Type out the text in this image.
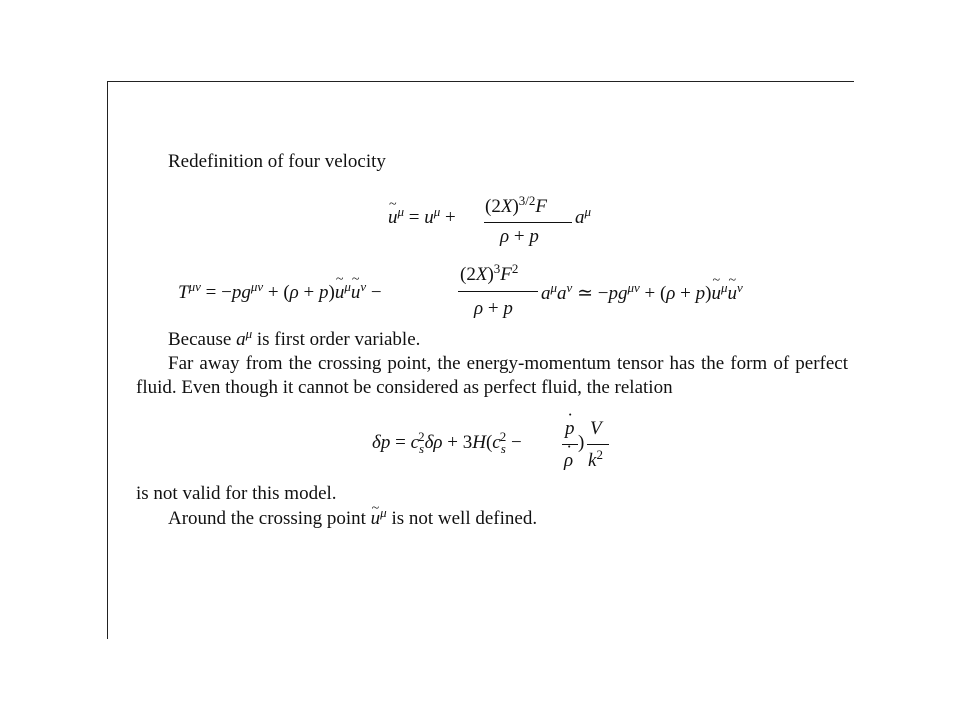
Redefinition of four velocity
~ $u^\mu = u^\mu$ +
$(2X)^{3/2}F$
ρ + p
$a^\mu$
$T^{\mu\nu} = -pg^{\mu\nu} + (\rho$ + p)~ $u^\mu\sim$ $u^\nu$ −
$(2X)^3F^2$
ρ + p
$a^\mu a^\nu$ ≃ $-pg^{\mu\nu} + (\rho$ + p)~ $u^\mu\sim$ $u^\nu$
Because $a^\mu$ is first order variable.
Far away from the crossing point, the energy-momentum tensor has the form of perfect fluid. Even though it cannot be considered as perfect fluid, the relation
$\delta p = c_s^2\delta\rho + 3H(c_s^2$ −
˙ p
˙ ρ
)
V
$k^2$
is not valid for this model.
Around the crossing point ~ $u^\mu$ is not well defined.
